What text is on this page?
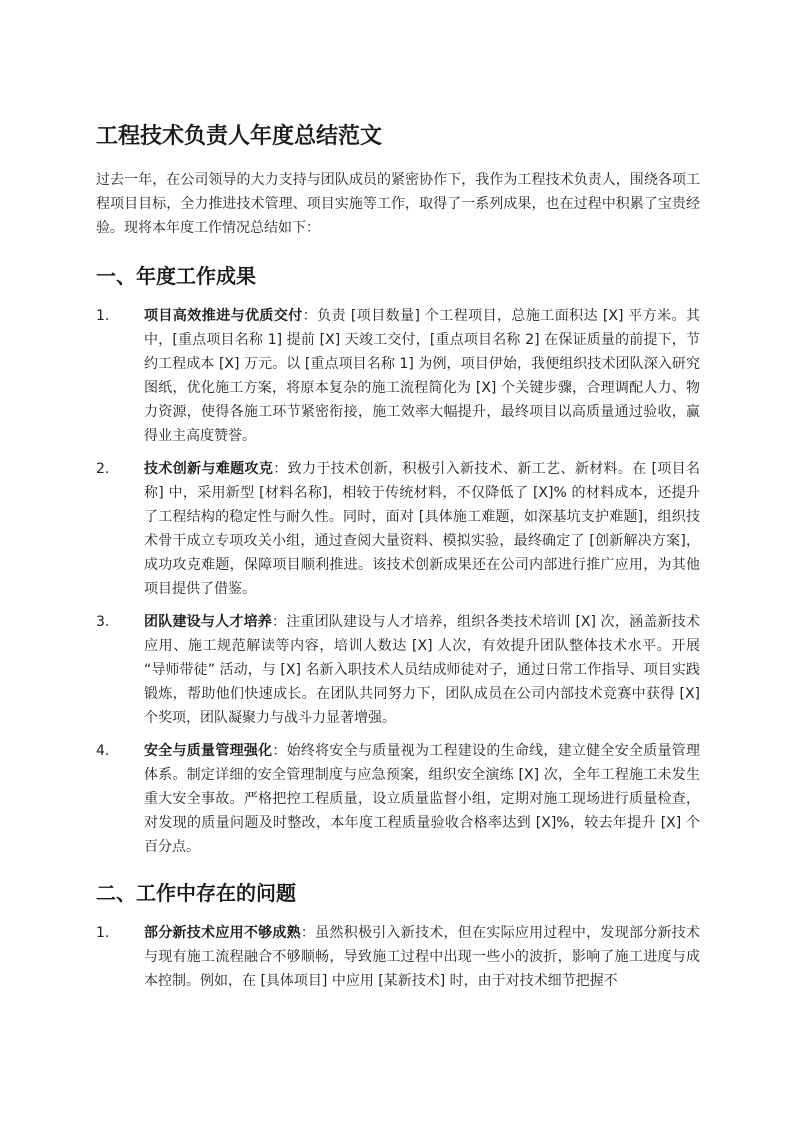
工程技术负责人年度总结范文

过去一年，在公司领导的大力支持与团队成员的紧密协作下，我作为工程技术负责人，围绕各项工程项目目标，全力推进技术管理、项目实施等工作，取得了一系列成果，也在过程中积累了宝贵经验。现将本年度工作情况总结如下：

一、年度工作成果
1. 项目高效推进与优质交付：负责 [项目数量] 个工程项目，总施工面积达 [X] 平方米。其中，[重点项目名称 1] 提前 [X] 天竣工交付，[重点项目名称 2] 在保证质量的前提下，节约工程成本 [X] 万元。以 [重点项目名称 1] 为例，项目伊始，我便组织技术团队深入研究图纸，优化施工方案，将原本复杂的施工流程简化为 [X] 个关键步骤，合理调配人力、物力资源，使得各施工环节紧密衔接，施工效率大幅提升，最终项目以高质量通过验收，赢得业主高度赞誉。
2. 技术创新与难题攻克：致力于技术创新，积极引入新技术、新工艺、新材料。在 [项目名称] 中，采用新型 [材料名称]，相较于传统材料，不仅降低了 [X]% 的材料成本，还提升了工程结构的稳定性与耐久性。同时，面对 [具体施工难题，如深基坑支护难题]，组织技术骨干成立专项攻关小组，通过查阅大量资料、模拟实验，最终确定了 [创新解决方案]，成功攻克难题，保障项目顺利推进。该技术创新成果还在公司内部进行推广应用，为其他项目提供了借鉴。
3. 团队建设与人才培养：注重团队建设与人才培养，组织各类技术培训 [X] 次，涵盖新技术应用、施工规范解读等内容，培训人数达 [X] 人次，有效提升团队整体技术水平。开展 “导师带徒” 活动，与 [X] 名新入职技术人员结成师徒对子，通过日常工作指导、项目实践锻炼，帮助他们快速成长。在团队共同努力下，团队成员在公司内部技术竞赛中获得 [X] 个奖项，团队凝聚力与战斗力显著增强。
4. 安全与质量管理强化：始终将安全与质量视为工程建设的生命线，建立健全安全质量管理体系。制定详细的安全管理制度与应急预案，组织安全演练 [X] 次，全年工程施工未发生重大安全事故。严格把控工程质量，设立质量监督小组，定期对施工现场进行质量检查，对发现的质量问题及时整改，本年度工程质量验收合格率达到 [X]%，较去年提升 [X] 个百分点。
二、工作中存在的问题
1. 部分新技术应用不够成熟：虽然积极引入新技术，但在实际应用过程中，发现部分新技术与现有施工流程融合不够顺畅，导致施工过程中出现一些小的波折，影响了施工进度与成本控制。例如，在 [具体项目] 中应用 [某新技术] 时，由于对技术细节把握不
